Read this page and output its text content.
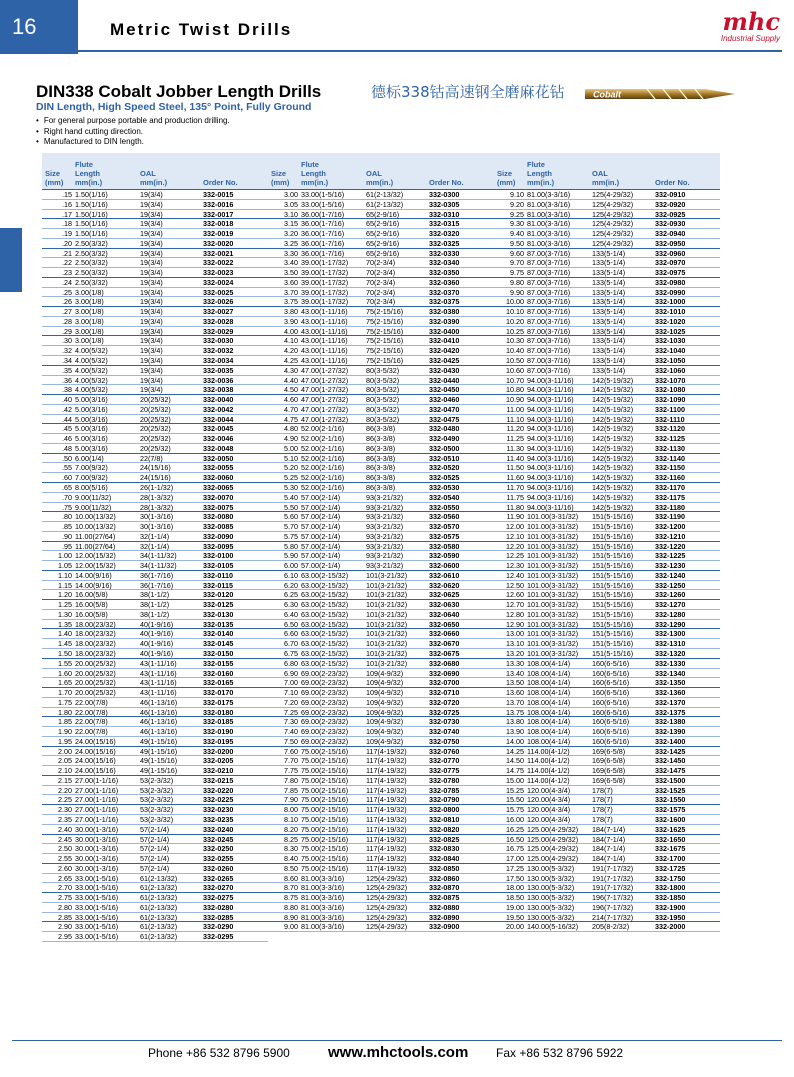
16	Metric Twist Drills	mhc
Industrial Supply
DIN338 Cobalt Jobber Length Drills	德标338钴高速钢全磨麻花钻	Cobalt
DIN Length, High Speed Steel, 135° Point, Fully Ground
• For general purpose portable and production drilling.
• Right hand cutting direction.
• Manufactured to DIN length.
Size
(mm)
Flute
Length
mm(in.)
OAL
mm(in.)	Order No.
.15 1.50(1/16)	19(3/4)	332-0015
.16 1.50(1/16)	19(3/4)	332-0016
.17 1.50(1/16)	19(3/4)	332-0017
.18 1.50(1/16)	19(3/4)	332-0018
.19 1.50(1/16)	19(3/4)	332-0019
.20 2.50(3/32)	19(3/4)	332-0020
.21 2.50(3/32)	19(3/4)	332-0021
.22 2.50(3/32)	19(3/4)	332-0022
.23 2.50(3/32)	19(3/4)	332-0023
.24 2.50(3/32)	19(3/4)	332-0024
.25 3.00(1/8)	19(3/4)	332-0025
.26 3.00(1/8)	19(3/4)	332-0026
.27 3.00(1/8)	19(3/4)	332-0027
.28 3.00(1/8)	19(3/4)	332-0028
.29 3.00(1/8)	19(3/4)	332-0029
.30 3.00(1/8)	19(3/4)	332-0030
.32 4.00(5/32)	19(3/4)	332-0032
.34 4.00(5/32)	19(3/4)	332-0034
.35 4.00(5/32)	19(3/4)	332-0035
.36 4.00(5/32)	19(3/4)	332-0036
.38 4.00(5/32)	19(3/4)	332-0038
.40 5.00(3/16)	20(25/32)	332-0040
.42 5.00(3/16)	20(25/32)	332-0042
.44 5.00(3/16)	20(25/32)	332-0044
.45 5.00(3/16)	20(25/32)	332-0045
.46 5.00(3/16)	20(25/32)	332-0046
.48 5.00(3/16)	20(25/32)	332-0048
.50 6.00(1/4)	22(7/8)	332-0050
.55 7.00(9/32)	24(15/16)	332-0055
.60 7.00(9/32)	24(15/16)	332-0060
.65 8.00(5/16)	26(1-1/32)	332-0065
.70 9.00(11/32)	28(1-3/32)	332-0070
.75 9.00(11/32)	28(1-3/32)	332-0075
.80 10.00(13/32)	30(1-3/16)	332-0080
.85 10.00(13/32)	30(1-3/16)	332-0085
.90 11.00(27/64)	32(1-1/4)	332-0090
.95 11.00(27/64)	32(1-1/4)	332-0095
1.00 12.00(15/32)	34(1-11/32)	332-0100
1.05 12.00(15/32)	34(1-11/32)	332-0105
1.10 14.00(9/16)	36(1-7/16)	332-0110
1.15 14.00(9/16)	36(1-7/16)	332-0115
1.20 16.00(5/8)	38(1-1/2)	332-0120
1.25 16.00(5/8)	38(1-1/2)	332-0125
1.30 16.00(5/8)	38(1-1/2)	332-0130
1.35 18.00(23/32)	40(1-9/16)	332-0135
1.40 18.00(23/32)	40(1-9/16)	332-0140
1.45 18.00(23/32)	40(1-9/16)	332-0145
1.50 18.00(23/32)	40(1-9/16)	332-0150
1.55 20.00(25/32)	43(1-11/16)	332-0155
1.60 20.00(25/32)	43(1-11/16)	332-0160
1.65 20.00(25/32)	43(1-11/16)	332-0165
1.70 20.00(25/32)	43(1-11/16)	332-0170
1.75 22.00(7/8)	46(1-13/16)	332-0175
1.80 22.00(7/8)	46(1-13/16)	332-0180
1.85 22.00(7/8)	46(1-13/16)	332-0185
1.90 22.00(7/8)	46(1-13/16)	332-0190
1.95 24.00(15/16)	49(1-15/16)	332-0195
2.00 24.00(15/16)	49(1-15/16)	332-0200
2.05 24.00(15/16)	49(1-15/16)	332-0205
2.10 24.00(15/16)	49(1-15/16)	332-0210
2.15 27.00(1-1/16)	53(2-3/32)	332-0215
2.20 27.00(1-1/16)	53(2-3/32)	332-0220
2.25 27.00(1-1/16)	53(2-3/32)	332-0225
2.30 27.00(1-1/16)	53(2-3/32)	332-0230
2.35 27.00(1-1/16)	53(2-3/32)	332-0235
2.40 30.00(1-3/16)	57(2-1/4)	332-0240
2.45 30.00(1-3/16)	57(2-1/4)	332-0245
2.50 30.00(1-3/16)	57(2-1/4)	332-0250
2.55 30.00(1-3/16)	57(2-1/4)	332-0255
2.60 30.00(1-3/16)	57(2-1/4)	332-0260
2.65 33.00(1-5/16)	61(2-13/32)	332-0265
2.70 33.00(1-5/16)	61(2-13/32)	332-0270
2.75 33.00(1-5/16)	61(2-13/32)	332-0275
2.80 33.00(1-5/16)	61(2-13/32)	332-0280
2.85 33.00(1-5/16)	61(2-13/32)	332-0285
2.90 33.00(1-5/16)	61(2-13/32)	332-0290
2.95 33.00(1-5/16)	61(2-13/32)	332-0295
Size
(mm)
Flute
Length
mm(in.)
OAL
mm(in.)	Order No.
3.00 33.00(1-5/16)	61(2-13/32)	332-0300
3.05 33.00(1-5/16)	61(2-13/32)	332-0305
3.10 36.00(1-7/16)	65(2-9/16)	332-0310
3.15 36.00(1-7/16)	65(2-9/16)	332-0315
3.20 36.00(1-7/16)	65(2-9/16)	332-0320
3.25 36.00(1-7/16)	65(2-9/16)	332-0325
3.30 36.00(1-7/16)	65(2-9/16)	332-0330
3.40 39.00(1-17/32) 70(2-3/4)	332-0340
3.50 39.00(1-17/32) 70(2-3/4)	332-0350
3.60 39.00(1-17/32) 70(2-3/4)	332-0360
3.70 39.00(1-17/32) 70(2-3/4)	332-0370
3.75 39.00(1-17/32) 70(2-3/4)	332-0375
3.80 43.00(1-11/16)	75(2-15/16)	332-0380
3.90 43.00(1-11/16)	75(2-15/16)	332-0390
4.00 43.00(1-11/16)	75(2-15/16)	332-0400
4.10 43.00(1-11/16)	75(2-15/16)	332-0410
4.20 43.00(1-11/16)	75(2-15/16)	332-0420
4.25 43.00(1-11/16)	75(2-15/16)	332-0425
4.30 47.00(1-27/32) 80(3-5/32)	332-0430
4.40 47.00(1-27/32) 80(3-5/32)	332-0440
4.50 47.00(1-27/32) 80(3-5/32)	332-0450
4.60 47.00(1-27/32) 80(3-5/32)	332-0460
4.70 47.00(1-27/32) 80(3-5/32)	332-0470
4.75 47.00(1-27/32) 80(3-5/32)	332-0475
4.80 52.00(2-1/16)	86(3-3/8)	332-0480
4.90 52.00(2-1/16)	86(3-3/8)	332-0490
5.00 52.00(2-1/16)	86(3-3/8)	332-0500
5.10 52.00(2-1/16)	86(3-3/8)	332-0510
5.20 52.00(2-1/16)	86(3-3/8)	332-0520
5.25 52.00(2-1/16)	86(3-3/8)	332-0525
5.30 52.00(2-1/16)	86(3-3/8)	332-0530
5.40 57.00(2-1/4)	93(3-21/32)	332-0540
5.50 57.00(2-1/4)	93(3-21/32)	332-0550
5.60 57.00(2-1/4)	93(3-21/32)	332-0560
5.70 57.00(2-1/4)	93(3-21/32)	332-0570
5.75 57.00(2-1/4)	93(3-21/32)	332-0575
5.80 57.00(2-1/4)	93(3-21/32)	332-0580
5.90 57.00(2-1/4)	93(3-21/32)	332-0590
6.00 57.00(2-1/4)	93(3-21/32)	332-0600
6.10 63.00(2-15/32) 101(3-21/32)	332-0610
6.20 63.00(2-15/32) 101(3-21/32)	332-0620
6.25 63.00(2-15/32) 101(3-21/32)	332-0625
6.30 63.00(2-15/32) 101(3-21/32)	332-0630
6.40 63.00(2-15/32) 101(3-21/32)	332-0640
6.50 63.00(2-15/32) 101(3-21/32)	332-0650
6.60 63.00(2-15/32) 101(3-21/32)	332-0660
6.70 63.00(2-15/32) 101(3-21/32)	332-0670
6.75 63.00(2-15/32) 101(3-21/32)	332-0675
6.80 63.00(2-15/32) 101(3-21/32)	332-0680
6.90 69.00(2-23/32) 109(4-9/32)	332-0690
7.00 69.00(2-23/32) 109(4-9/32)	332-0700
7.10 69.00(2-23/32) 109(4-9/32)	332-0710
7.20 69.00(2-23/32) 109(4-9/32)	332-0720
7.25 69.00(2-23/32) 109(4-9/32)	332-0725
7.30 69.00(2-23/32) 109(4-9/32)	332-0730
7.40 69.00(2-23/32) 109(4-9/32)	332-0740
7.50 69.00(2-23/32) 109(4-9/32)	332-0750
7.60 75.00(2-15/16) 117(4-19/32)	332-0760
7.70 75.00(2-15/16) 117(4-19/32)	332-0770
7.75 75.00(2-15/16) 117(4-19/32)	332-0775
7.80 75.00(2-15/16) 117(4-19/32)	332-0780
7.85 75.00(2-15/16) 117(4-19/32)	332-0785
7.90 75.00(2-15/16) 117(4-19/32)	332-0790
8.00 75.00(2-15/16) 117(4-19/32)	332-0800
8.10 75.00(2-15/16) 117(4-19/32)	332-0810
8.20 75.00(2-15/16) 117(4-19/32)	332-0820
8.25 75.00(2-15/16) 117(4-19/32)	332-0825
8.30 75.00(2-15/16) 117(4-19/32)	332-0830
8.40 75.00(2-15/16) 117(4-19/32)	332-0840
8.50 75.00(2-15/16) 117(4-19/32)	332-0850
8.60 81.00(3-3/16)	125(4-29/32)	332-0860
8.70 81.00(3-3/16)	125(4-29/32)	332-0870
8.75 81.00(3-3/16)	125(4-29/32)	332-0875
8.80 81.00(3-3/16)	125(4-29/32)	332-0880
8.90 81.00(3-3/16)	125(4-29/32)	332-0890
9.00 81.00(3-3/16)	125(4-29/32)	332-0900
Size
(mm)
Flute
Length
mm(in.)
OAL
mm(in.)	Order No.
9.10 81.00(3-3/16)	125(4-29/32)	332-0910
9.20 81.00(3-3/16)	125(4-29/32)	332-0920
9.25 81.00(3-3/16)	125(4-29/32)	332-0925
9.30 81.00(3-3/16)	125(4-29/32)	332-0930
9.40 81.00(3-3/16)	125(4-29/32)	332-0940
9.50 81.00(3-3/16)	125(4-29/32)	332-0950
9.60 87.00(3-7/16)	133(5-1/4)	332-0960
9.70 87.00(3-7/16)	133(5-1/4)	332-0970
9.75 87.00(3-7/16)	133(5-1/4)	332-0975
9.80 87.00(3-7/16)	133(5-1/4)	332-0980
9.90 87.00(3-7/16)	133(5-1/4)	332-0990
10.00 87.00(3-7/16)	133(5-1/4)	332-1000
10.10 87.00(3-7/16)	133(5-1/4)	332-1010
10.20 87.00(3-7/16)	133(5-1/4)	332-1020
10.25 87.00(3-7/16)	133(5-1/4)	332-1025
10.30 87.00(3-7/16)	133(5-1/4)	332-1030
10.40 87.00(3-7/16)	133(5-1/4)	332-1040
10.50 87.00(3-7/16)	133(5-1/4)	332-1050
10.60 87.00(3-7/16)	133(5-1/4)	332-1060
10.70 94.00(3-11/16)	142(5-19/32)	332-1070
10.80 94.00(3-11/16)	142(5-19/32)	332-1080
10.90 94.00(3-11/16)	142(5-19/32)	332-1090
11.00 94.00(3-11/16)	142(5-19/32)	332-1100
11.10 94.00(3-11/16)	142(5-19/32)	332-1110
11.20 94.00(3-11/16)	142(5-19/32)	332-1120
11.25 94.00(3-11/16)	142(5-19/32)	332-1125
11.30 94.00(3-11/16)	142(5-19/32)	332-1130
11.40 94.00(3-11/16)	142(5-19/32)	332-1140
11.50 94.00(3-11/16)	142(5-19/32)	332-1150
11.60 94.00(3-11/16)	142(5-19/32)	332-1160
11.70 94.00(3-11/16)	142(5-19/32)	332-1170
11.75 94.00(3-11/16)	142(5-19/32)	332-1175
11.80 94.00(3-11/16)	142(5-19/32)	332-1180
11.90 101.00(3-31/32) 151(5-15/16)	332-1190
12.00 101.00(3-31/32) 151(5-15/16)	332-1200
12.10 101.00(3-31/32) 151(5-15/16)	332-1210
12.20 101.00(3-31/32) 151(5-15/16)	332-1220
12.25 101.00(3-31/32) 151(5-15/16)	332-1225
12.30 101.00(3-31/32) 151(5-15/16)	332-1230
12.40 101.00(3-31/32) 151(5-15/16)	332-1240
12.50 101.00(3-31/32) 151(5-15/16)	332-1250
12.60 101.00(3-31/32) 151(5-15/16)	332-1260
12.70 101.00(3-31/32) 151(5-15/16)	332-1270
12.80 101.00(3-31/32) 151(5-15/16)	332-1280
12.90 101.00(3-31/32) 151(5-15/16)	332-1290
13.00 101.00(3-31/32) 151(5-15/16)	332-1300
13.10 101.00(3-31/32) 151(5-15/16)	332-1310
13.20 101.00(3-31/32) 151(5-15/16)	332-1320
13.30 108.00(4-1/4)	160(6-5/16)	332-1330
13.40 108.00(4-1/4)	160(6-5/16)	332-1340
13.50 108.00(4-1/4)	160(6-5/16)	332-1350
13.60 108.00(4-1/4)	160(6-5/16)	332-1360
13.70 108.00(4-1/4)	160(6-5/16)	332-1370
13.75 108.00(4-1/4)	160(6-5/16)	332-1375
13.80 108.00(4-1/4)	160(6-5/16)	332-1380
13.90 108.00(4-1/4)	160(6-5/16)	332-1390
14.00 108.00(4-1/4)	160(6-5/16)	332-1400
14.25 114.00(4-1/2)	169(6-5/8)	332-1425
14.50 114.00(4-1/2)	169(6-5/8)	332-1450
14.75 114.00(4-1/2)	169(6-5/8)	332-1475
15.00 114.00(4-1/2)	169(6-5/8)	332-1500
15.25 120.00(4-3/4)	178(7)	332-1525
15.50 120.00(4-3/4)	178(7)	332-1550
15.75 120.00(4-3/4)	178(7)	332-1575
16.00 120.00(4-3/4)	178(7)	332-1600
16.25 125.00(4-29/32) 184(7-1/4)	332-1625
16.50 125.00(4-29/32) 184(7-1/4)	332-1650
16.75 125.00(4-29/32) 184(7-1/4)	332-1675
17.00 125.00(4-29/32) 184(7-1/4)	332-1700
17.25 130.00(5-3/32) 191(7-17/32)	332-1725
17.50 130.00(5-3/32) 191(7-17/32)	332-1750
18.00 130.00(5-3/32) 191(7-17/32)	332-1800
18.50 130.00(5-3/32) 196(7-17/32)	332-1850
19.00 130.00(5-3/32) 196(7-17/32)	332-1900
19.50 130.00(5-3/32) 214(7-17/32)	332-1950
20.00 140.00(5-16/32) 205(8-2/32)	332-2000
Phone +86 532 8796 5900	www.mhctools.com Fax +86 532 8796 5922
